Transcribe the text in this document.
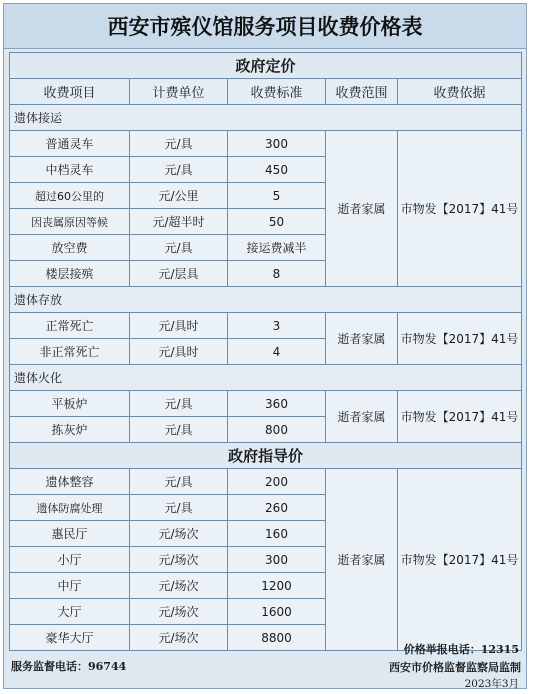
西安市殡仪馆服务项目收费价格表
政府定价				
收费项目	计费单位	收费标准	收费范围	收费依据
遗体接运				
普通灵车	元/具	300	逝者家属	市物发【2017】41号
中档灵车	元/具	450		
超过60公里的	元/公里	5		
因丧属原因等候	元/超半时	50		
放空费	元/具	接运费减半		
楼层接殡	元/层具	8		
遗体存放				
正常死亡	元/具时	3	逝者家属	市物发【2017】41号
非正常死亡	元/具时	4		
遗体火化				
平板炉	元/具	360	逝者家属	市物发【2017】41号
拣灰炉	元/具	800		
政府指导价				
遗体整容	元/具	200	逝者家属	市物发【2017】41号
遗体防腐处理	元/具	260		
惠民厅	元/场次	160		
小厅	元/场次	300		
中厅	元/场次	1200		
大厅	元/场次	1600		
豪华大厅	元/场次	8800		
服务监督电话：96744
价格举报电话：12315
西安市价格监督监察局监制
2023年3月
